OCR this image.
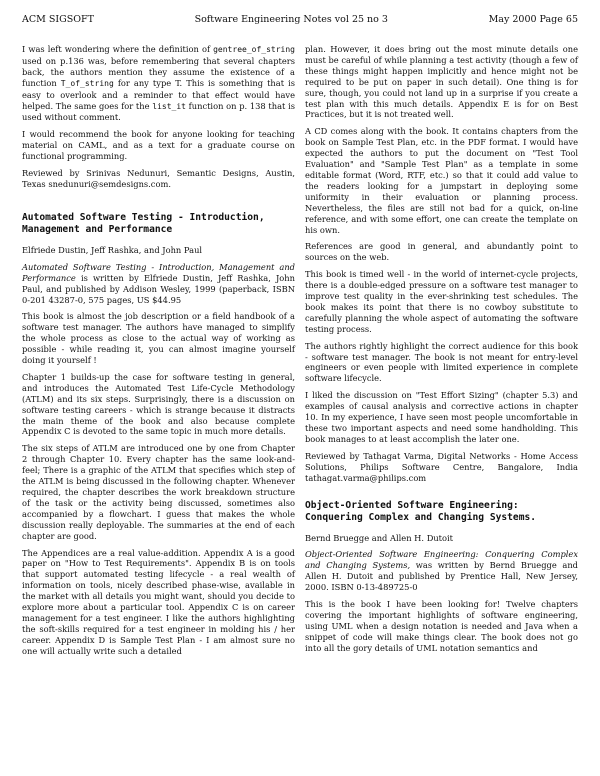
ACM SIGSOFT	Software Engineering Notes vol 25 no 3	May 2000 Page 65

I was left wondering where the definition of gentree_of_string used on p.136 was, before remembering that several chapters back, the authors mention they assume the existence of a function T_of_string for any type T. This is something that is easy to overlook and a reminder to that effect would have helped. The same goes for the list_it function on p. 138 that is used without comment.

I would recommend the book for anyone looking for teaching material on CAML, and as a text for a graduate course on functional programming.

Reviewed by Srinivas Nedunuri, Semantic Designs, Austin, Texas snedunuri@semdesigns.com.

Automated Software Testing - Introduction, Management and Performance

Elfriede Dustin, Jeff Rashka, and John Paul

Automated Software Testing - Introduction, Management and Performance is written by Elfriede Dustin, Jeff Rashka, John Paul, and published by Addison Wesley, 1999 (paperback, ISBN 0-201 43287-0, 575 pages, US $44.95

This book is almost the job description or a field handbook of a software test manager. The authors have managed to simplify the whole process as close to the actual way of working as possible - while reading it, you can almost imagine yourself doing it yourself !

Chapter 1 builds-up the case for software testing in general, and introduces the Automated Test Life-Cycle Methodology (ATLM) and its six steps. Surprisingly, there is a discussion on software testing careers - which is strange because it distracts the main theme of the book and also because complete Appendix C is devoted to the same topic in much more details.

The six steps of ATLM are introduced one by one from Chapter 2 through Chapter 10. Every chapter has the same look-and-feel; There is a graphic of the ATLM that specifies which step of the ATLM is being discussed in the following chapter. Whenever required, the chapter describes the work breakdown structure of the task or the activity being discussed, sometimes also accompanied by a flowchart. I guess that makes the whole discussion really deployable. The summaries at the end of each chapter are good.

The Appendices are a real value-addition. Appendix A is a good paper on "How to Test Requirements". Appendix B is on tools that support automated testing lifecycle - a real wealth of information on tools, nicely described phase-wise, available in the market with all details you might want, should you decide to explore more about a particular tool. Appendix C is on career management for a test engineer. I like the authors highlighting the soft-skills required for a test engineer in molding his / her career. Appendix D is Sample Test Plan - I am almost sure no one will actually write such a detailed

plan. However, it does bring out the most minute details one must be careful of while planning a test activity (though a few of these things might happen implicitly and hence might not be required to be put on paper in such detail). One thing is for sure, though, you could not land up in a surprise if you create a test plan with this much details. Appendix E is for on Best Practices, but it is not treated well.

A CD comes along with the book. It contains chapters from the book on Sample Test Plan, etc. in the PDF format. I would have expected the authors to put the document on "Test Tool Evaluation" and "Sample Test Plan" as a template in some editable format (Word, RTF, etc.) so that it could add value to the readers looking for a jumpstart in deploying some uniformity in their evaluation or planning process. Nevertheless, the files are still not bad for a quick, on-line reference, and with some effort, one can create the template on his own.

References are good in general, and abundantly point to sources on the web.

This book is timed well - in the world of internet-cycle projects, there is a double-edged pressure on a software test manager to improve test quality in the ever-shrinking test schedules. The book makes its point that there is no cowboy substitute to carefully planning the whole aspect of automating the software testing process.

The authors rightly highlight the correct audience for this book - software test manager. The book is not meant for entry-level engineers or even people with limited experience in complete software lifecycle.

I liked the discussion on "Test Effort Sizing" (chapter 5.3) and examples of causal analysis and corrective actions in chapter 10. In my experience, I have seen most people uncomfortable in these two important aspects and need some handholding. This book manages to at least accomplish the later one.

Reviewed by Tathagat Varma, Digital Networks - Home Access Solutions, Philips Software Centre, Bangalore, India tathagat.varma@philips.com

Object-Oriented Software Engineering: Conquering Complex and Changing Systems.

Bernd Bruegge and Allen H. Dutoit

Object-Oriented Software Engineering: Conquering Complex and Changing Systems, was written by Bernd Bruegge and Allen H. Dutoit and published by Prentice Hall, New Jersey, 2000. ISBN 0-13-489725-0

This is the book I have been looking for! Twelve chapters covering the important highlights of software engineering, using UML when a design notation is needed and Java when a snippet of code will make things clear. The book does not go into all the gory details of UML notation semantics and
